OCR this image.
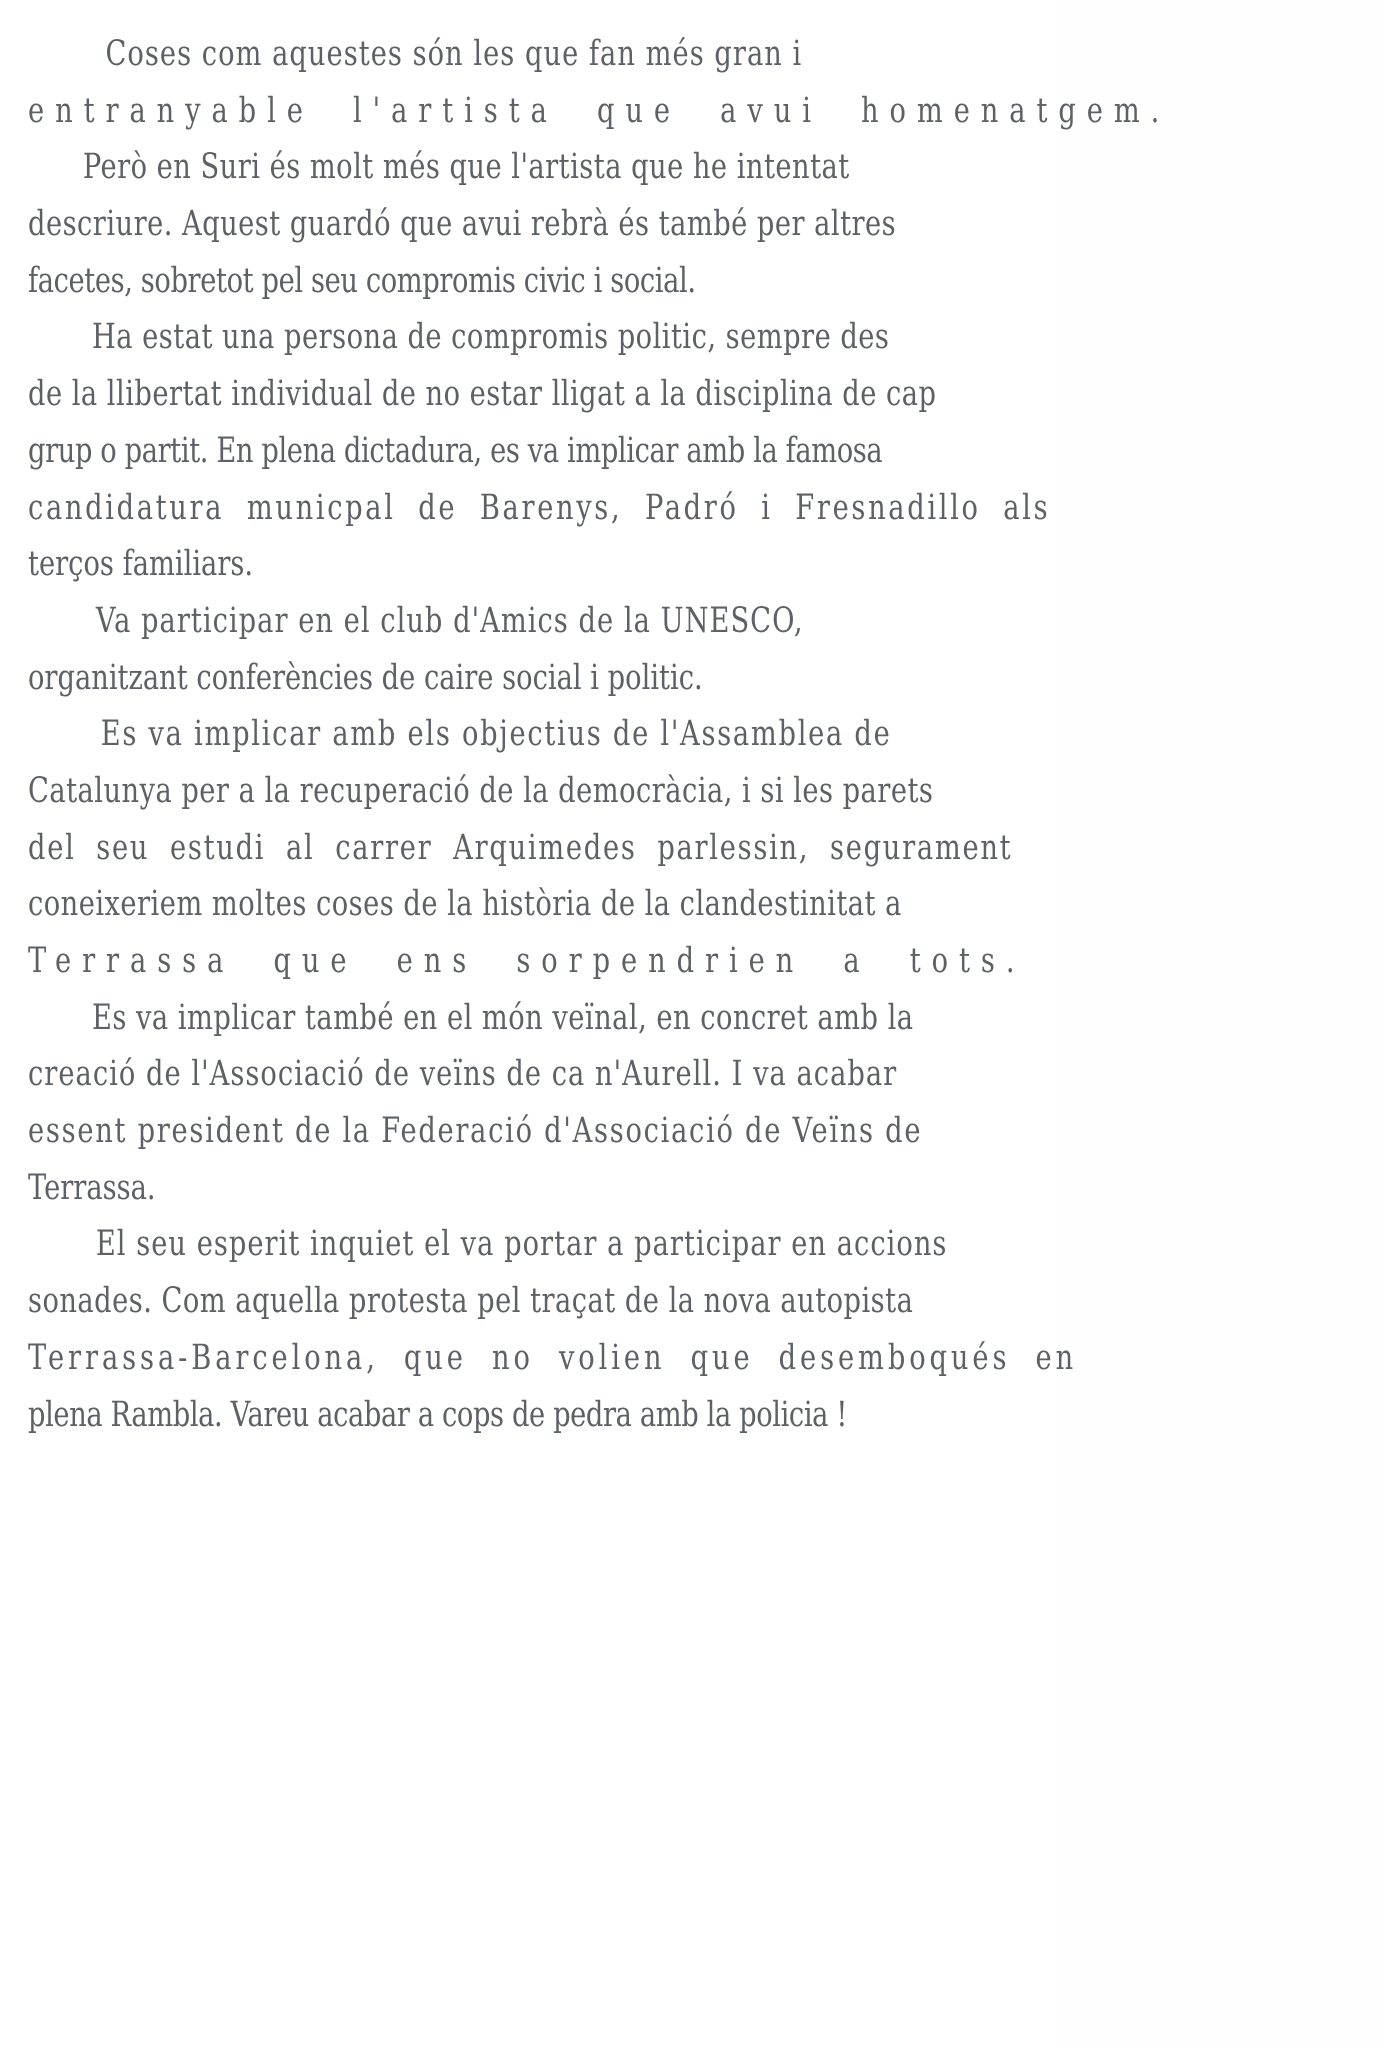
Coses com aquestes són les que fan més gran i
entranyable  l'artista  que  avui  homenatgem.
Però en Suri és molt més que l'artista que he intentat
descriure. Aquest guardó que avui rebrà és també per altres
facetes, sobretot pel seu compromis civic i social.
Ha estat una persona de compromis politic, sempre des
de la llibertat individual de no estar lligat a la disciplina de cap
grup o partit. En plena dictadura, es va implicar amb la famosa
candidatura  municpal  de  Barenys,  Padró  i  Fresnadillo  als
terços familiars.
Va participar en el club d'Amics de la UNESCO,
organitzant conferències de caire social i politic.
Es va implicar amb els objectius de l'Assamblea de
Catalunya per a la recuperació de la democràcia, i si les parets
del  seu  estudi  al  carrer  Arquimedes  parlessin,  segurament
coneixeriem moltes coses de la història de la clandestinitat a
Terrassa  que  ens  sorpendrien  a  tots.
Es va implicar també en el món veïnal, en concret amb la
creació de l'Associació de veïns de ca n'Aurell. I va acabar
essent president de la Federació d'Associació de Veïns de
Terrassa.
El seu esperit inquiet el va portar a participar en accions
sonades. Com aquella protesta pel traçat de la nova autopista
Terrassa-Barcelona,  que  no  volien  que  desemboqués  en
plena Rambla. Vareu acabar a cops de pedra amb la policia !
